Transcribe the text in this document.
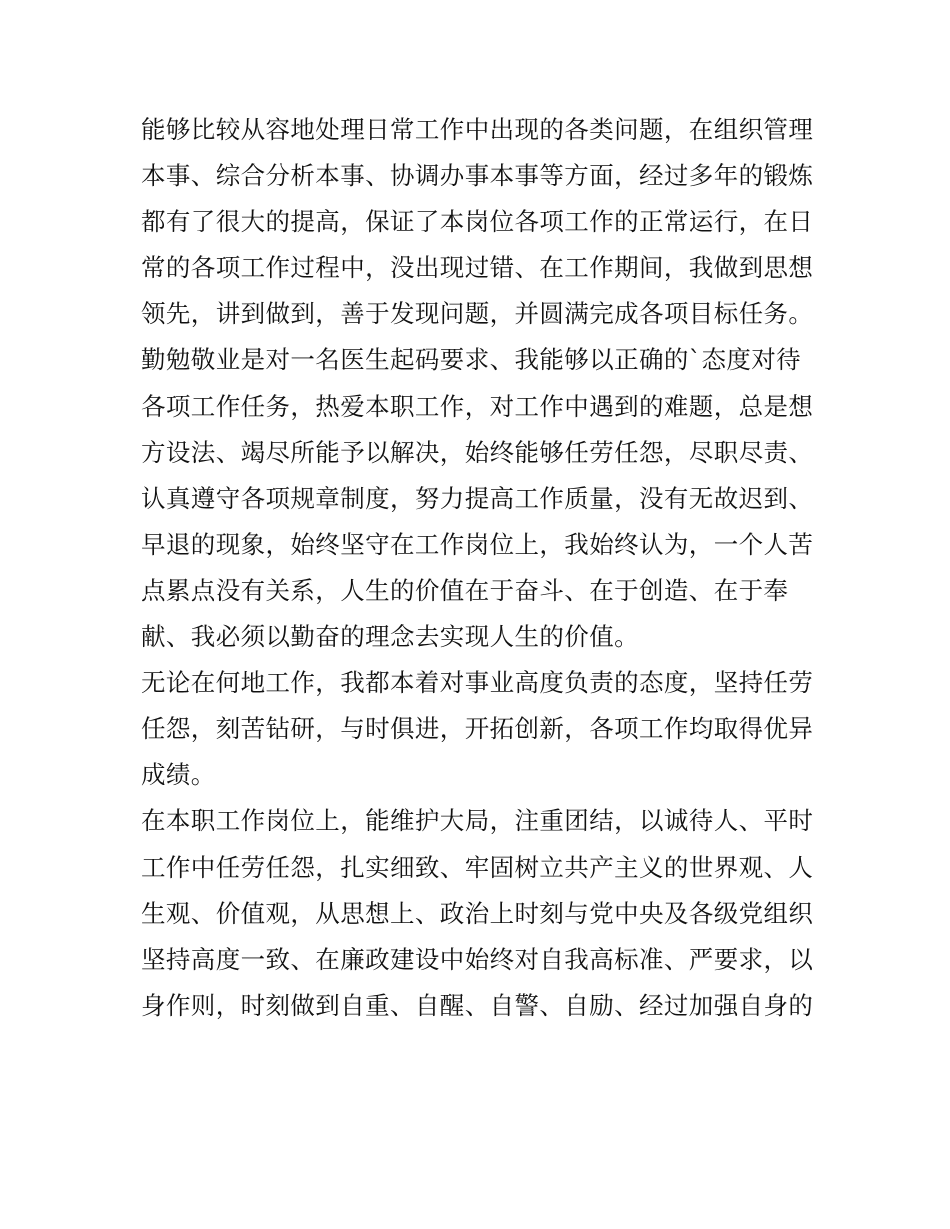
能够比较从容地处理日常工作中出现的各类问题，在组织管理
本事、综合分析本事、协调办事本事等方面，经过多年的锻炼
都有了很大的提高，保证了本岗位各项工作的正常运行，在日
常的各项工作过程中，没出现过错、在工作期间，我做到思想
领先，讲到做到，善于发现问题，并圆满完成各项目标任务。
勤勉敬业是对一名医生起码要求、我能够以正确的`态度对待
各项工作任务，热爱本职工作，对工作中遇到的难题，总是想
方设法、竭尽所能予以解决，始终能够任劳任怨，尽职尽责、
认真遵守各项规章制度，努力提高工作质量，没有无故迟到、
早退的现象，始终坚守在工作岗位上，我始终认为，一个人苦
点累点没有关系，人生的价值在于奋斗、在于创造、在于奉
献、我必须以勤奋的理念去实现人生的价值。
无论在何地工作，我都本着对事业高度负责的态度，坚持任劳
任怨，刻苦钻研，与时俱进，开拓创新，各项工作均取得优异
成绩。
在本职工作岗位上，能维护大局，注重团结，以诚待人、平时
工作中任劳任怨，扎实细致、牢固树立共产主义的世界观、人
生观、价值观，从思想上、政治上时刻与党中央及各级党组织
坚持高度一致、在廉政建设中始终对自我高标准、严要求，以
身作则，时刻做到自重、自醒、自警、自励、经过加强自身的
